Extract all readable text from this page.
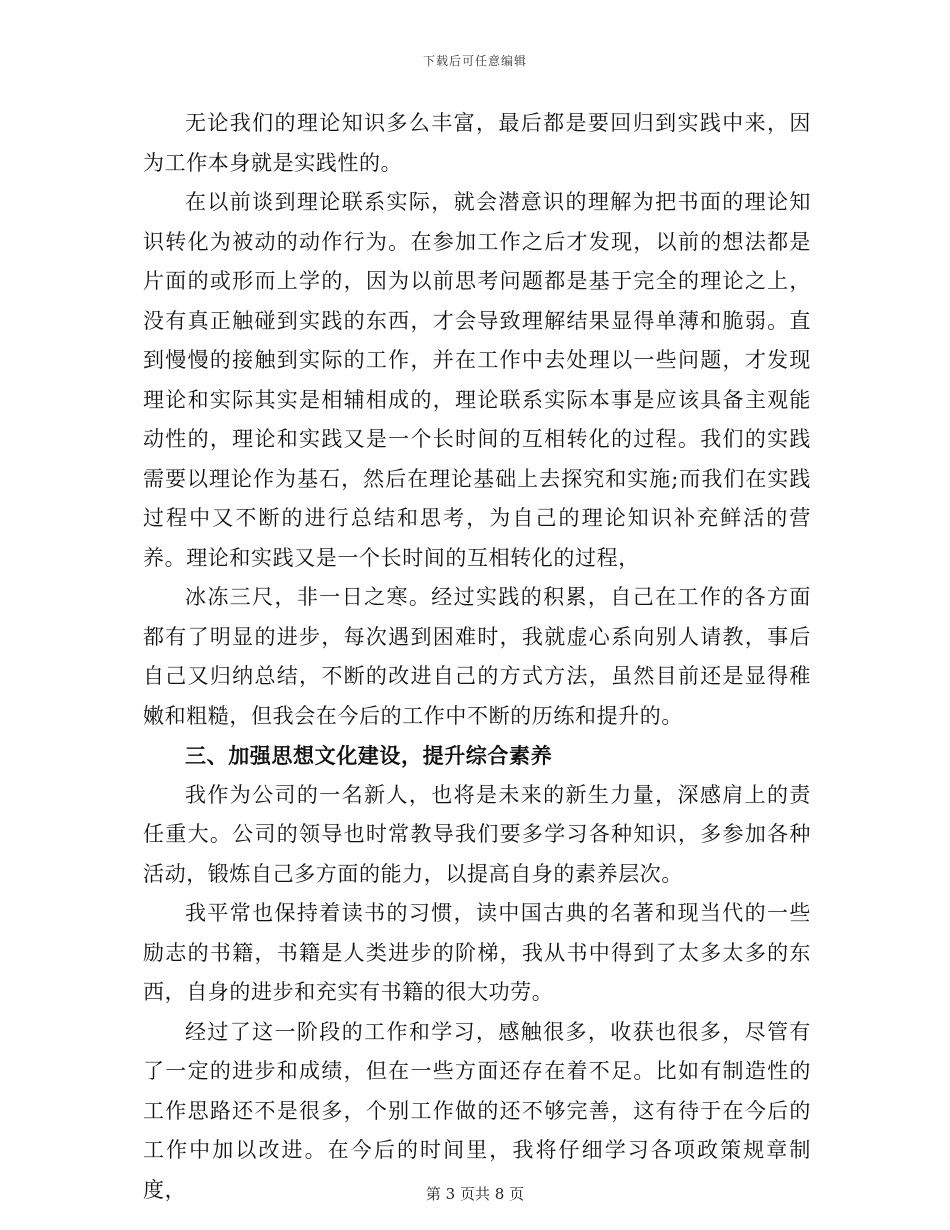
下载后可任意编辑

无论我们的理论知识多么丰富，最后都是要回归到实践中来，因为工作本身就是实践性的。

在以前谈到理论联系实际，就会潜意识的理解为把书面的理论知识转化为被动的动作行为。在参加工作之后才发现，以前的想法都是片面的或形而上学的，因为以前思考问题都是基于完全的理论之上，没有真正触碰到实践的东西，才会导致理解结果显得单薄和脆弱。直到慢慢的接触到实际的工作，并在工作中去处理以一些问题，才发现理论和实际其实是相辅相成的，理论联系实际本事是应该具备主观能动性的，理论和实践又是一个长时间的互相转化的过程。我们的实践需要以理论作为基石，然后在理论基础上去探究和实施;而我们在实践过程中又不断的进行总结和思考，为自己的理论知识补充鲜活的营养。理论和实践又是一个长时间的互相转化的过程，

冰冻三尺，非一日之寒。经过实践的积累，自己在工作的各方面都有了明显的进步，每次遇到困难时，我就虚心系向别人请教，事后自己又归纳总结，不断的改进自己的方式方法，虽然目前还是显得稚嫩和粗糙，但我会在今后的工作中不断的历练和提升的。

三、加强思想文化建设，提升综合素养

我作为公司的一名新人，也将是未来的新生力量，深感肩上的责任重大。公司的领导也时常教导我们要多学习各种知识，多参加各种活动，锻炼自己多方面的能力，以提高自身的素养层次。

我平常也保持着读书的习惯，读中国古典的名著和现当代的一些励志的书籍，书籍是人类进步的阶梯，我从书中得到了太多太多的东西，自身的进步和充实有书籍的很大功劳。

经过了这一阶段的工作和学习，感触很多，收获也很多，尽管有了一定的进步和成绩，但在一些方面还存在着不足。比如有制造性的工作思路还不是很多，个别工作做的还不够完善，这有待于在今后的工作中加以改进。在今后的时间里，我将仔细学习各项政策规章制度，	第 3 页共 8 页
